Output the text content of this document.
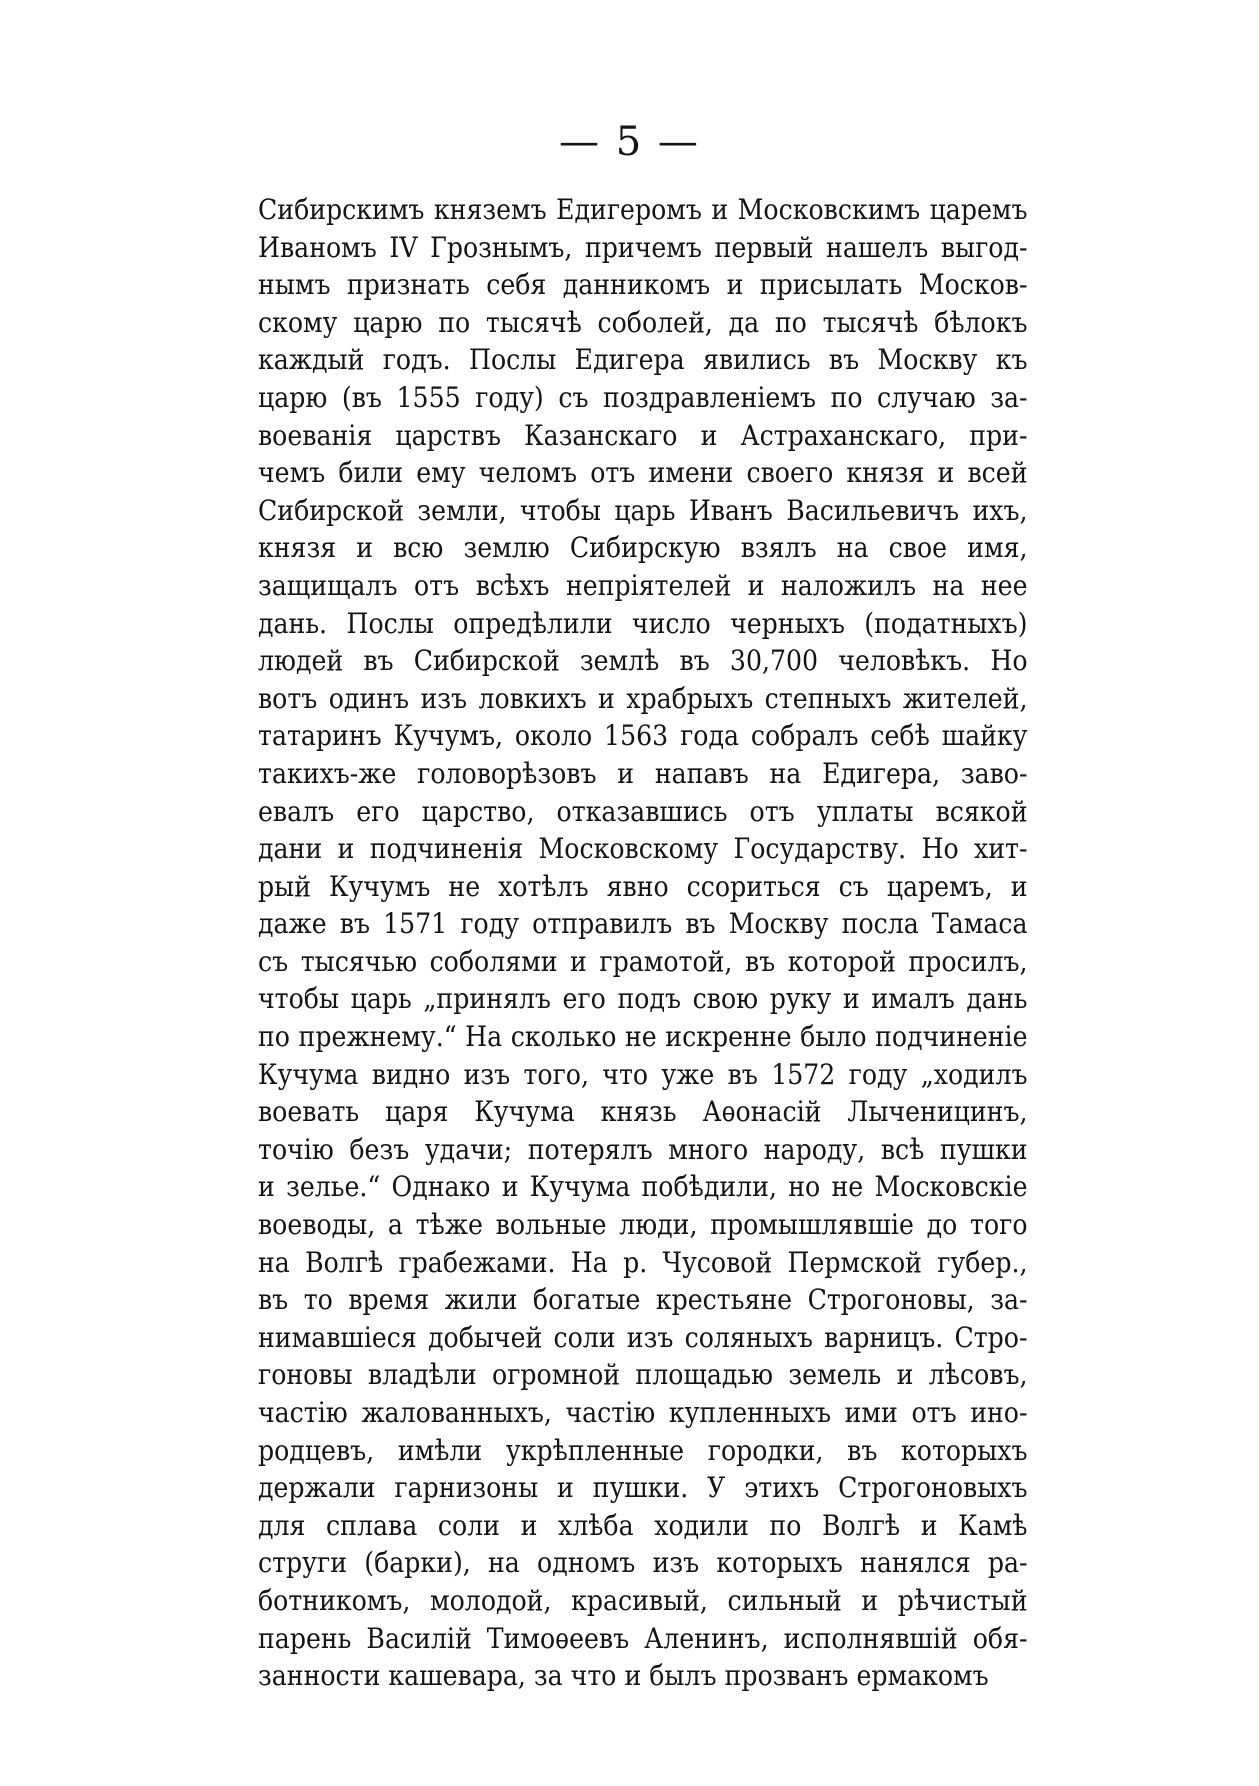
— 5 —
Сибирскимъ княземъ Едигеромъ и Московскимъ царемъ
Иваномъ IV Грознымъ, причемъ первый нашелъ выгод-
нымъ признать себя данникомъ и присылать Москов-
скому царю по тысячѣ соболей, да по тысячѣ бѣлокъ
каждый годъ. Послы Едигера явились въ Москву къ
царю (въ 1555 году) съ поздравленіемъ по случаю за-
воеванія царствъ Казанскаго и Астраханскаго, при-
чемъ били ему челомъ отъ имени своего князя и всей
Сибирской земли, чтобы царь Иванъ Васильевичъ ихъ,
князя и всю землю Сибирскую взялъ на свое имя,
защищалъ отъ всѣхъ непріятелей и наложилъ на нее
дань. Послы опредѣлили число черныхъ (податныхъ)
людей въ Сибирской землѣ въ 30,700 человѣкъ. Но
вотъ одинъ изъ ловкихъ и храбрыхъ степныхъ жителей,
татаринъ Кучумъ, около 1563 года собралъ себѣ шайку
такихъ-же головорѣзовъ и напавъ на Едигера, заво-
евалъ его царство, отказавшись отъ уплаты всякой
дани и подчиненія Московскому Государству. Но хит-
рый Кучумъ не хотѣлъ явно ссориться съ царемъ, и
даже въ 1571 году отправилъ въ Москву посла Тамаса
съ тысячью соболями и грамотой, въ которой просилъ,
чтобы царь „принялъ его подъ свою руку и ималъ дань
по прежнему.“ На сколько не искренне было подчиненіе
Кучума видно изъ того, что уже въ 1572 году „ходилъ
воевать царя Кучума князь Аѳонасій Лыченицинъ,
точію безъ удачи; потерялъ много народу, всѣ пушки
и зелье.“ Однако и Кучума побѣдили, но не Московскіе
воеводы, а тѣже вольные люди, промышлявшіе до того
на Волгѣ грабежами. На р. Чусовой Пермской губер.,
въ то время жили богатые крестьяне Строгоновы, за-
нимавшіеся добычей соли изъ соляныхъ варницъ. Стро-
гоновы владѣли огромной площадью земель и лѣсовъ,
частію жалованныхъ, частію купленныхъ ими отъ ино-
родцевъ, имѣли укрѣпленные городки, въ которыхъ
держали гарнизоны и пушки. У этихъ Строгоновыхъ
для сплава соли и хлѣба ходили по Волгѣ и Камѣ
струги (барки), на одномъ изъ которыхъ нанялся ра-
ботникомъ, молодой, красивый, сильный и рѣчистый
парень Василій Тимоѳеевъ Аленинъ, исполнявшій обя-
занности кашевара, за что и былъ прозванъ ермакомъ
